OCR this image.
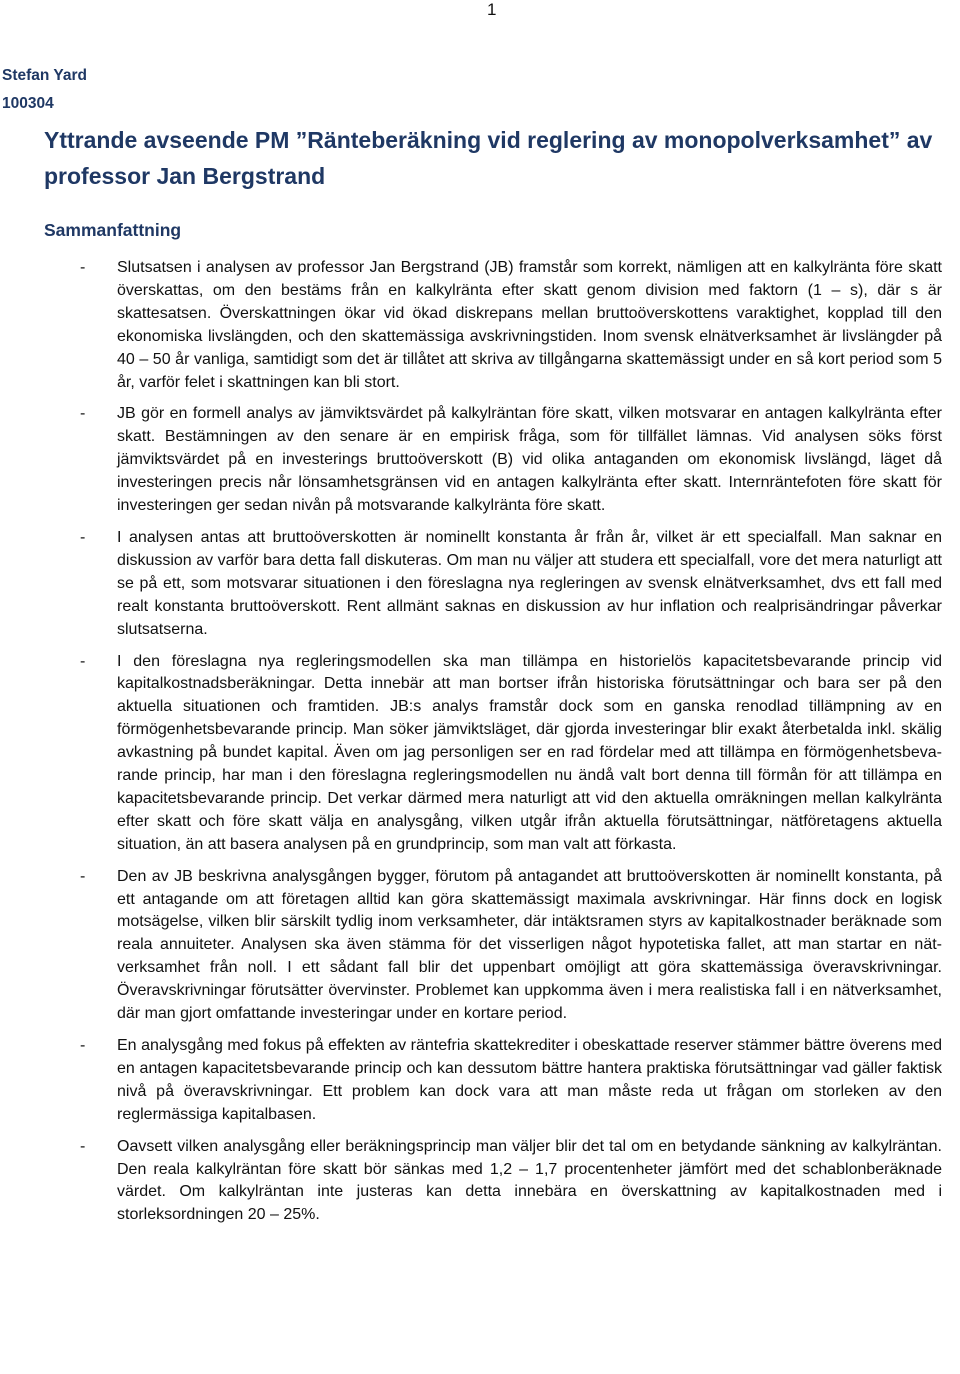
1
Stefan Yard
100304
Yttrande avseende PM ”Ränteberäkning vid reglering av monopolverksamhet” av professor Jan Bergstrand
Sammanfattning
- Slutsatsen i analysen av professor Jan Bergstrand (JB) framstår som korrekt, nämligen att en kalkylränta före skatt överskattas, om den bestäms från en kalkylränta efter skatt genom division med faktorn (1 – s), där s är skattesatsen. Överskattningen ökar vid ökad diskrepans mellan bruttoöverskottens varaktighet, kopplad till den ekonomiska livslängden, och den skattemässiga avskrivningstiden. Inom svensk elnätverksamhet är livslängder på 40 – 50 år vanliga, samtidigt som det är tillåtet att skriva av tillgångarna skattemässigt under en så kort period som 5 år, varför felet i skattningen kan bli stort.
- JB gör en formell analys av jämviktsvärdet på kalkylräntan före skatt, vilken motsvarar en antagen kalkylränta efter skatt. Bestämningen av den senare är en empirisk fråga, som för tillfället lämnas. Vid analysen söks först jämviktsvärdet på en investerings bruttoöverskott (B) vid olika antaganden om ekonomisk livslängd, läget då investeringen precis når lönsamhetsgränsen vid en antagen kalkylränta efter skatt. Internräntefoten före skatt för investeringen ger sedan nivån på motsvarande kalkylränta före skatt.
- I analysen antas att bruttoöverskotten är nominellt konstanta år från år, vilket är ett specialfall. Man saknar en diskussion av varför bara detta fall diskuteras. Om man nu väljer att studera ett specialfall, vore det mera naturligt att se på ett, som motsvarar situationen i den föreslagna nya regleringen av svensk elnätverksamhet, dvs ett fall med realt konstanta bruttoöverskott. Rent allmänt saknas en diskussion av hur inflation och realprisändringar påverkar slutsatserna.
- I den föreslagna nya regleringsmodellen ska man tillämpa en historielös kapacitetsbevarande princip vid kapitalkostnadsberäkningar. Detta innebär att man bortser ifrån historiska förutsättningar och bara ser på den aktuella situationen och framtiden. JB:s analys framstår dock som en ganska renodlad tillämpning av en förmögenhetsbevarande princip. Man söker jämviktsläget, där gjorda investeringar blir exakt återbetalda inkl. skälig avkastning på bundet kapital. Även om jag personligen ser en rad fördelar med att tillämpa en förmögenhetsbevarande princip, har man i den föreslagna regleringsmodellen nu ändå valt bort denna till förmån för att tillämpa en kapacitetsbevarande princip. Det verkar därmed mera naturligt att vid den aktuella omräkningen mellan kalkylränta efter skatt och före skatt välja en analysgång, vilken utgår ifrån aktuella förutsättningar, nätföretagens aktuella situation, än att basera analysen på en grundprincip, som man valt att förkasta.
- Den av JB beskrivna analysgången bygger, förutom på antagandet att bruttoöverskotten är nominellt konstanta, på ett antagande om att företagen alltid kan göra skattemässigt maximala avskrivningar. Här finns dock en logisk motsägelse, vilken blir särskilt tydlig inom verksamheter, där intäktsramen styrs av kapitalkostnader beräknade som reala annuiteter. Analysen ska även stämma för det visserligen något hypotetiska fallet, att man startar en nätverksamhet från noll. I ett sådant fall blir det uppenbart omöjligt att göra skattemässiga överavskrivningar. Överavskrivningar förutsätter övervinster. Problemet kan uppkomma även i mera realistiska fall i en nätverksamhet, där man gjort omfattande investeringar under en kortare period.
- En analysgång med fokus på effekten av räntefria skattekrediter i obeskattade reserver stämmer bättre överens med en antagen kapacitetsbevarande princip och kan dessutom bättre hantera praktiska förutsättningar vad gäller faktisk nivå på överavskrivningar. Ett problem kan dock vara att man måste reda ut frågan om storleken av den reglermässiga kapitalbasen.
- Oavsett vilken analysgång eller beräkningsprincip man väljer blir det tal om en betydande sänkning av kalkylräntan. Den reala kalkylräntan före skatt bör sänkas med 1,2 – 1,7 procentenheter jämfört med det schablonberäknade värdet. Om kalkylräntan inte justeras kan detta innebära en överskattning av kapitalkostnaden med i storleksordningen 20 – 25%.
